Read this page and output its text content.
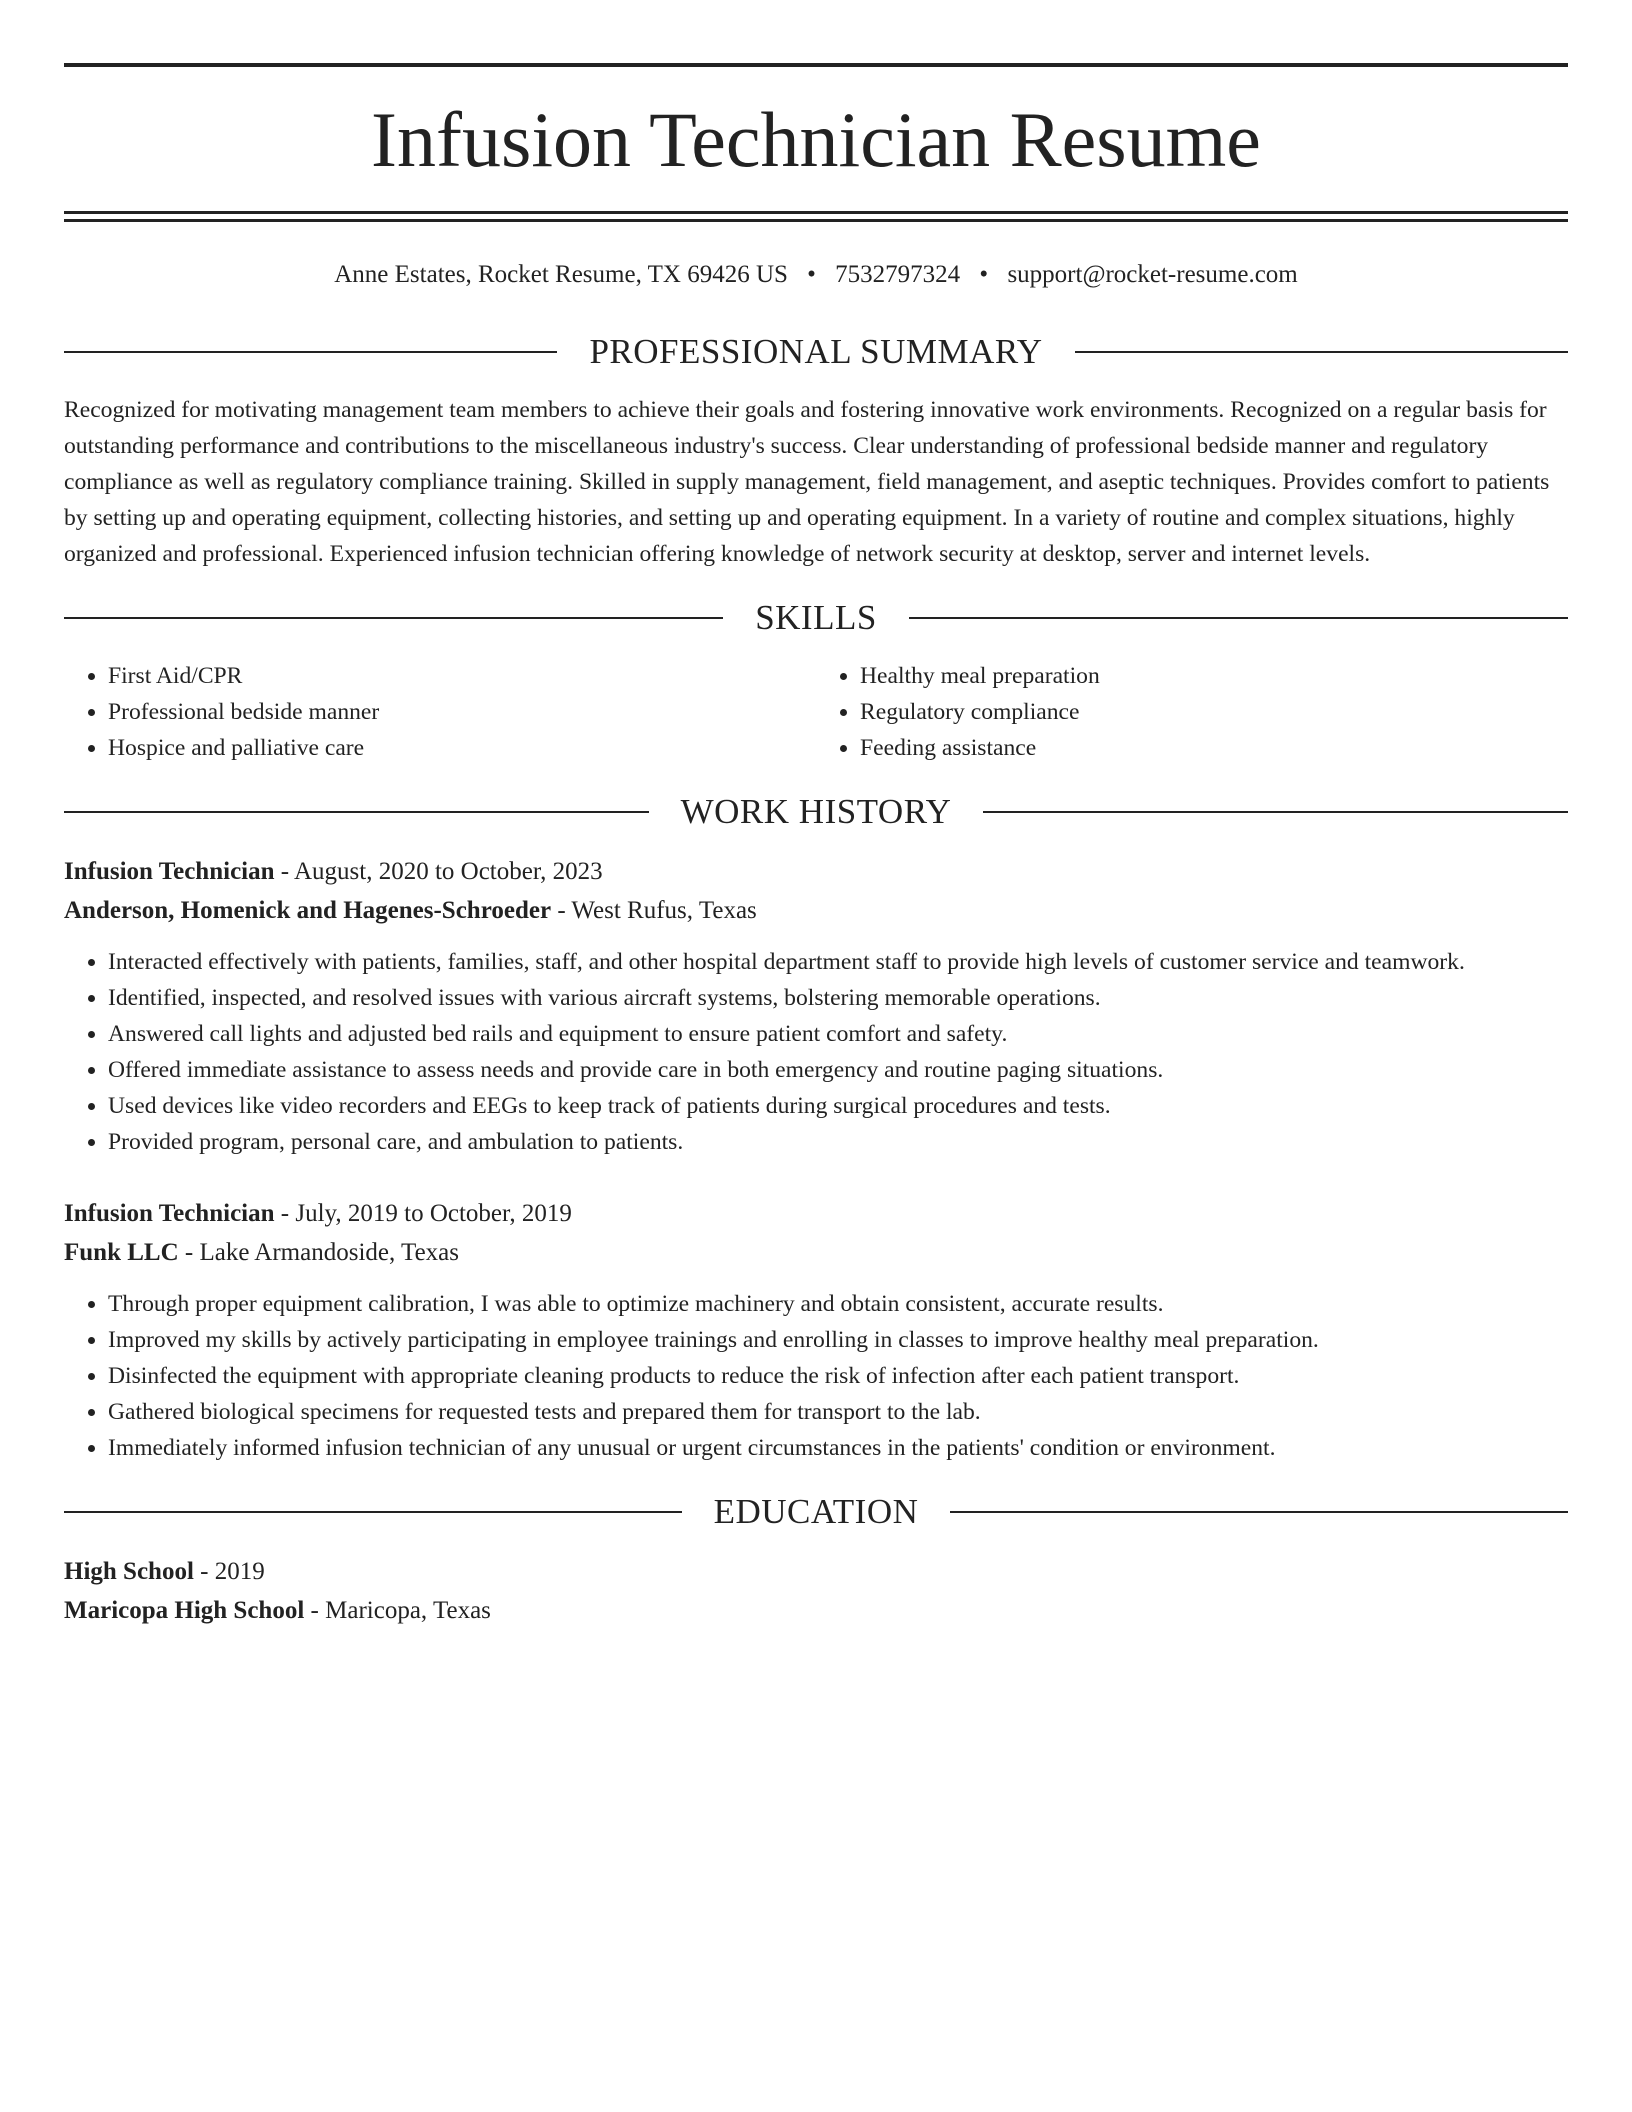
Infusion Technician Resume
Anne Estates, Rocket Resume, TX 69426 US • 7532797324 • support@rocket-resume.com
PROFESSIONAL SUMMARY
Recognized for motivating management team members to achieve their goals and fostering innovative work environments. Recognized on a regular basis for outstanding performance and contributions to the miscellaneous industry's success. Clear understanding of professional bedside manner and regulatory compliance as well as regulatory compliance training. Skilled in supply management, field management, and aseptic techniques. Provides comfort to patients by setting up and operating equipment, collecting histories, and setting up and operating equipment. In a variety of routine and complex situations, highly organized and professional. Experienced infusion technician offering knowledge of network security at desktop, server and internet levels.
SKILLS
• First Aid/CPR
• Professional bedside manner
• Hospice and palliative care
• Healthy meal preparation
• Regulatory compliance
• Feeding assistance
WORK HISTORY
Infusion Technician - August, 2020 to October, 2023
Anderson, Homenick and Hagenes-Schroeder - West Rufus, Texas
• Interacted effectively with patients, families, staff, and other hospital department staff to provide high levels of customer service and teamwork.
• Identified, inspected, and resolved issues with various aircraft systems, bolstering memorable operations.
• Answered call lights and adjusted bed rails and equipment to ensure patient comfort and safety.
• Offered immediate assistance to assess needs and provide care in both emergency and routine paging situations.
• Used devices like video recorders and EEGs to keep track of patients during surgical procedures and tests.
• Provided program, personal care, and ambulation to patients.
Infusion Technician - July, 2019 to October, 2019
Funk LLC - Lake Armandoside, Texas
• Through proper equipment calibration, I was able to optimize machinery and obtain consistent, accurate results.
• Improved my skills by actively participating in employee trainings and enrolling in classes to improve healthy meal preparation.
• Disinfected the equipment with appropriate cleaning products to reduce the risk of infection after each patient transport.
• Gathered biological specimens for requested tests and prepared them for transport to the lab.
• Immediately informed infusion technician of any unusual or urgent circumstances in the patients' condition or environment.
EDUCATION
High School - 2019
Maricopa High School - Maricopa, Texas
